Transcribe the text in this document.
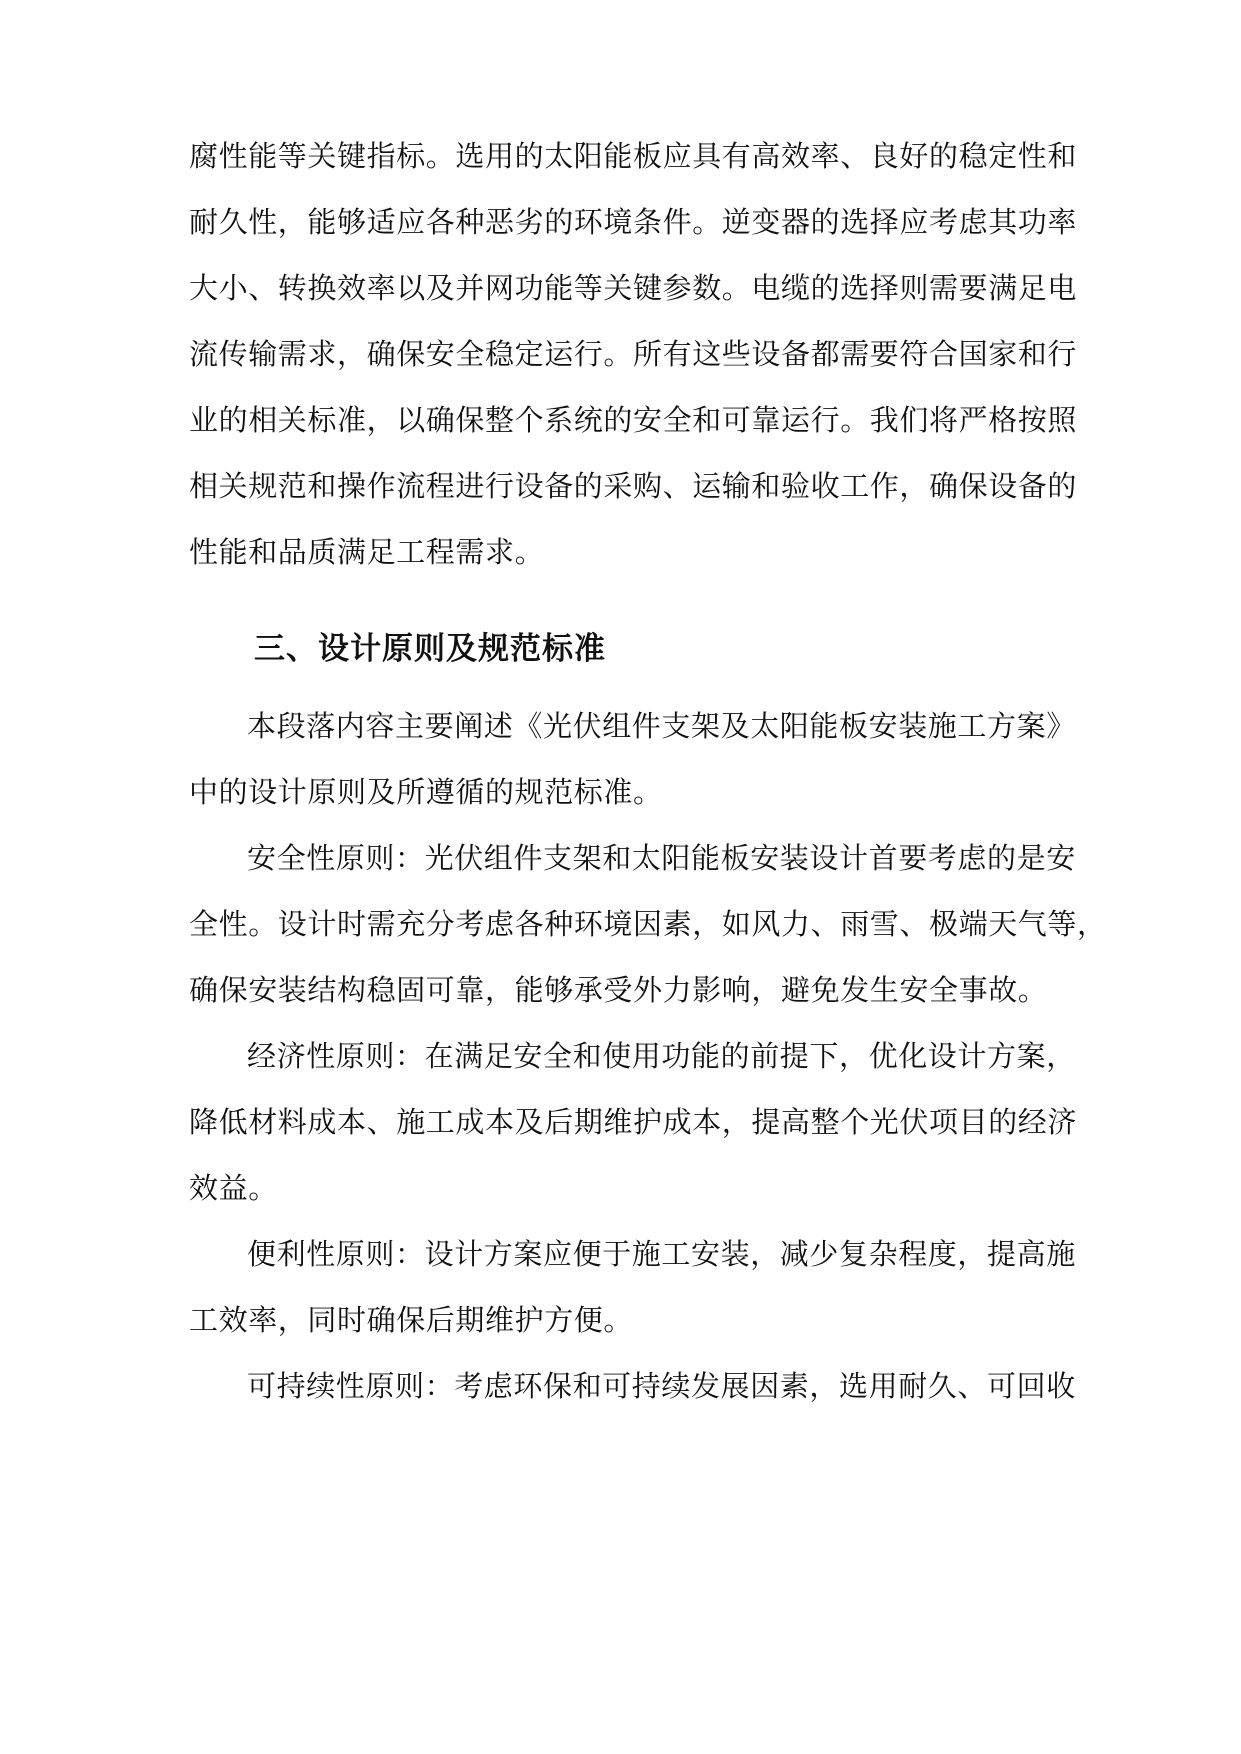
腐性能等关键指标。选用的太阳能板应具有高效率、良好的稳定性和
耐久性，能够适应各种恶劣的环境条件。逆变器的选择应考虑其功率
大小、转换效率以及并网功能等关键参数。电缆的选择则需要满足电
流传输需求，确保安全稳定运行。所有这些设备都需要符合国家和行
业的相关标准，以确保整个系统的安全和可靠运行。我们将严格按照
相关规范和操作流程进行设备的采购、运输和验收工作，确保设备的
性能和品质满足工程需求。
三、设计原则及规范标准
本段落内容主要阐述《光伏组件支架及太阳能板安装施工方案》
中的设计原则及所遵循的规范标准。
安全性原则：光伏组件支架和太阳能板安装设计首要考虑的是安
全性。设计时需充分考虑各种环境因素，如风力、雨雪、极端天气等，
确保安装结构稳固可靠，能够承受外力影响，避免发生安全事故。
经济性原则：在满足安全和使用功能的前提下，优化设计方案，
降低材料成本、施工成本及后期维护成本，提高整个光伏项目的经济
效益。
便利性原则：设计方案应便于施工安装，减少复杂程度，提高施
工效率，同时确保后期维护方便。
可持续性原则：考虑环保和可持续发展因素，选用耐久、可回收
